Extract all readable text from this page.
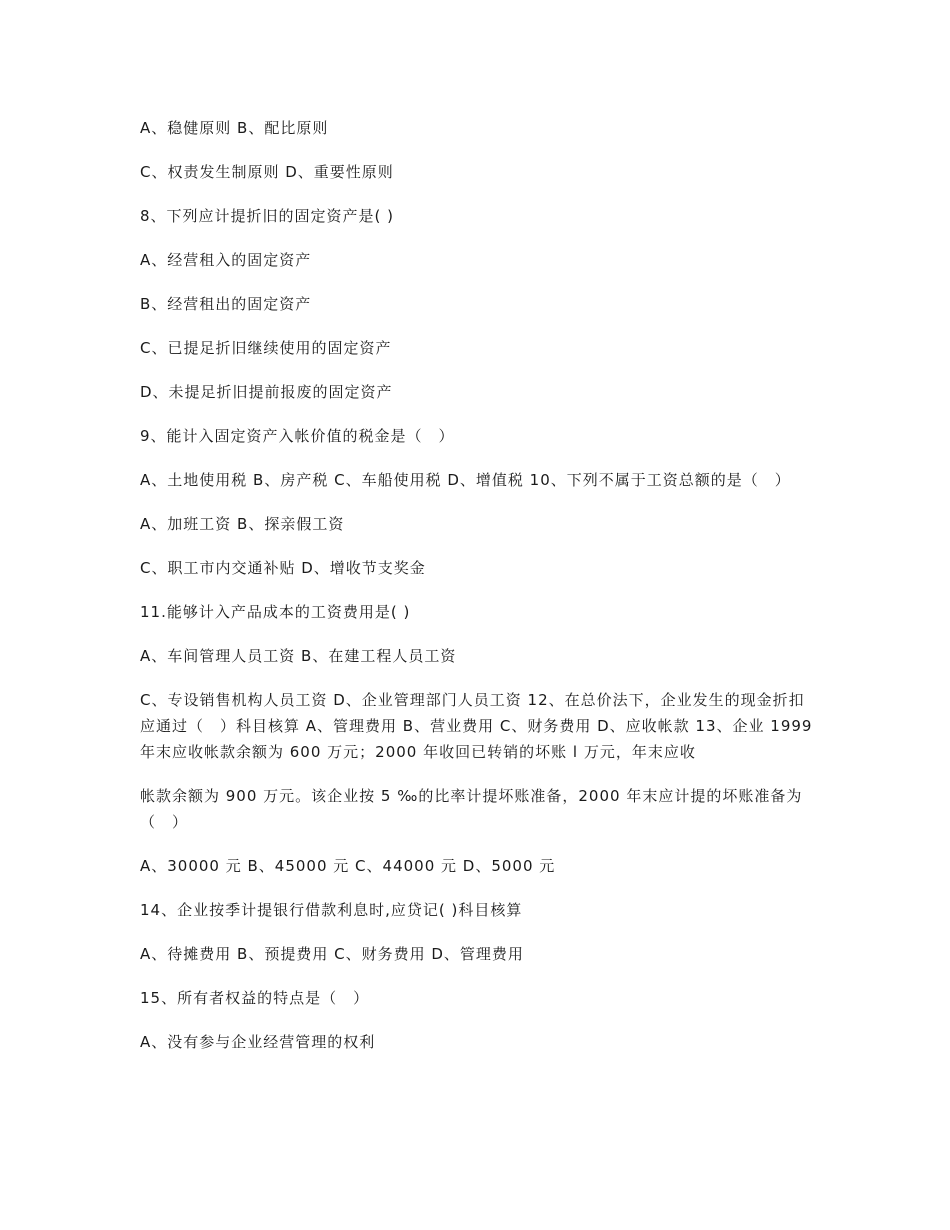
A、稳健原则 B、配比原则

C、权责发生制原则 D、重要性原则

8、下列应计提折旧的固定资产是( )

A、经营租入的固定资产

B、经营租出的固定资产

C、已提足折旧继续使用的固定资产

D、未提足折旧提前报废的固定资产

9、能计入固定资产入帐价值的税金是（　）

A、土地使用税 B、房产税 C、车船使用税 D、增值税 10、下列不属于工资总额的是（　）

A、加班工资 B、探亲假工资

C、职工市内交通补贴 D、增收节支奖金

11.能够计入产品成本的工资费用是( )

A、车间管理人员工资 B、在建工程人员工资

C、专设销售机构人员工资 D、企业管理部门人员工资 12、在总价法下，企业发生的现金折扣应通过（　）科目核算 A、管理费用 B、营业费用 C、财务费用 D、应收帐款 13、企业 1999 年末应收帐款余额为 600 万元；2000 年收回已转销的坏账 l 万元，年末应收

帐款余额为 900 万元。该企业按 5 ‰的比率计提坏账准备，2000 年末应计提的坏账准备为（　）

A、30000 元 B、45000 元 C、44000 元 D、5000 元

14、企业按季计提银行借款利息时,应贷记( )科目核算

A、待摊费用 B、预提费用 C、财务费用 D、管理费用

15、所有者权益的特点是（　）

A、没有参与企业经营管理的权利
